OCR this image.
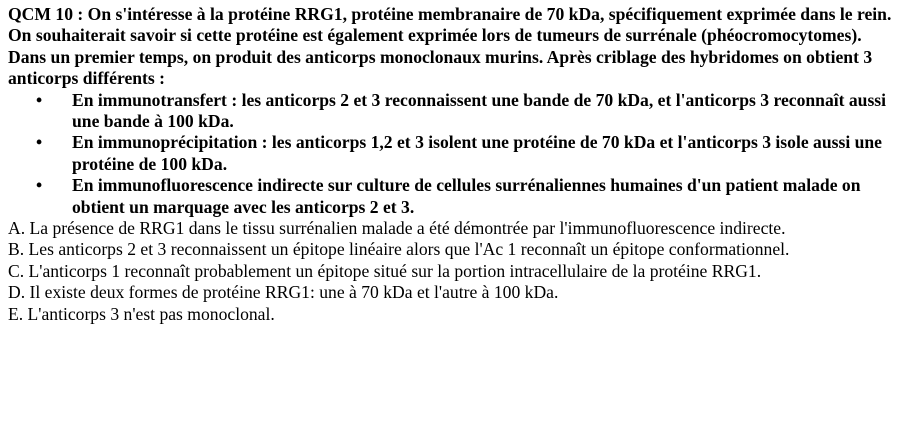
QCM 10 : On s'intéresse à la protéine RRG1, protéine membranaire de 70 kDa, spécifiquement exprimée dans le rein. On souhaiterait savoir si cette protéine est également exprimée lors de tumeurs de surrénale (phéocromocytomes).

Dans un premier temps, on produit des anticorps monoclonaux murins. Après criblage des hybridomes on obtient 3 anticorps différents :

• En immunotransfert : les anticorps 2 et 3 reconnaissent une bande de 70 kDa, et l'anticorps 3 reconnaît aussi une bande à 100 kDa.
• En immunoprécipitation : les anticorps 1,2 et 3 isolent une protéine de 70 kDa et l'anticorps 3 isole aussi une protéine de 100 kDa.
• En immunofluorescence indirecte sur culture de cellules surrénaliennes humaines d'un patient malade on obtient un marquage avec les anticorps 2 et 3.

A. La présence de RRG1 dans le tissu surrénalien malade a été démontrée par l'immunofluorescence indirecte.

B. Les anticorps 2 et 3 reconnaissent un épitope linéaire alors que l'Ac 1 reconnaît un épitope conformationnel.

C. L'anticorps 1 reconnaît probablement un épitope situé sur la portion intracellulaire de la protéine RRG1.

D. Il existe deux formes de protéine RRG1: une à 70 kDa et l'autre à 100 kDa.

E. L'anticorps 3 n'est pas monoclonal.
